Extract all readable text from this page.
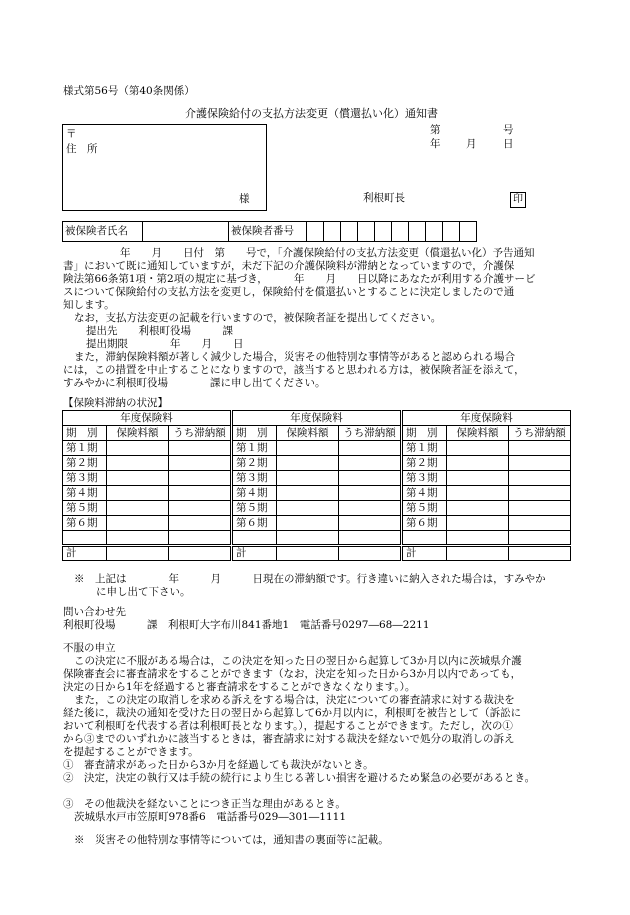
様式第56号（第40条関係）
介護保険給付の支払方法変更（償還払い化）通知書
〒
住　所
様
第	号
年 月	日
利根町長	印
被保険者氏名		被保険者番号										
年　　月　　日付　第　　号で，「介護保険給付の支払方法変更（償還払い化）予告通知
書」において既に通知していますが，未だ下記の介護保険料が滞納となっていますので，介護保
険法第66条第1項・第2項の規定に基づき，　　　年　　月　　日以降にあなたが利用する介護サービ
スについて保険給付の支払方法を変更し，保険給付を償還払いとすることに決定しましたので通
知します。
なお，支払方法変更の記載を行いますので，被保険者証を提出してください。
提出先　　利根町役場　　　課
提出期限　　　　年　　月　　日
また，滞納保険料額が著しく減少した場合，災害その他特別な事情等があると認められる場合
には，この措置を中止することになりますので，該当すると思われる方は，被保険者証を添えて，
すみやかに利根町役場　　　　課に申し出てください。
【保険料滞納の状況】
年度保険料		
期　別	保険料額	うち滞納額
第１期		
第２期		
第３期		
第４期		
第５期		
第６期		

計		
年度保険料		
期　別	保険料額	うち滞納額
第１期		
第２期		
第３期		
第４期		
第５期		
第６期		

計		
年度保険料		
期　別	保険料額	うち滞納額
第１期		
第２期		
第３期		
第４期		
第５期		
第６期		

計		
※　上記は　　　　年　　　月　　　日現在の滞納額です。行き違いに納入された場合は，すみやか
に申し出て下さい。
問い合わせ先
利根町役場　　　課　利根町大字布川841番地1　電話番号0297―68―2211
不服の申立
この決定に不服がある場合は，この決定を知った日の翌日から起算して3か月以内に茨城県介護
保険審査会に審査請求をすることができます（なお，決定を知った日から3か月以内であっても，
決定の日から1年を経過すると審査請求をすることができなくなります。）。
また，この決定の取消しを求める訴えをする場合は，決定についての審査請求に対する裁決を
経た後に，裁決の通知を受けた日の翌日から起算して6か月以内に，利根町を被告として（訴訟に
おいて利根町を代表する者は利根町長となります。），提起することができます。ただし，次の①
から③までのいずれかに該当するときは，審査請求に対する裁決を経ないで処分の取消しの訴え
を提起することができます。
①　審査請求があった日から3か月を経過しても裁決がないとき。
②　決定，決定の執行又は手続の続行により生じる著しい損害を避けるため緊急の必要があるとき。
③　その他裁決を経ないことにつき正当な理由があるとき。
茨城県水戸市笠原町978番6　電話番号029―301―1111
※　災害その他特別な事情等については，通知書の裏面等に記載。
